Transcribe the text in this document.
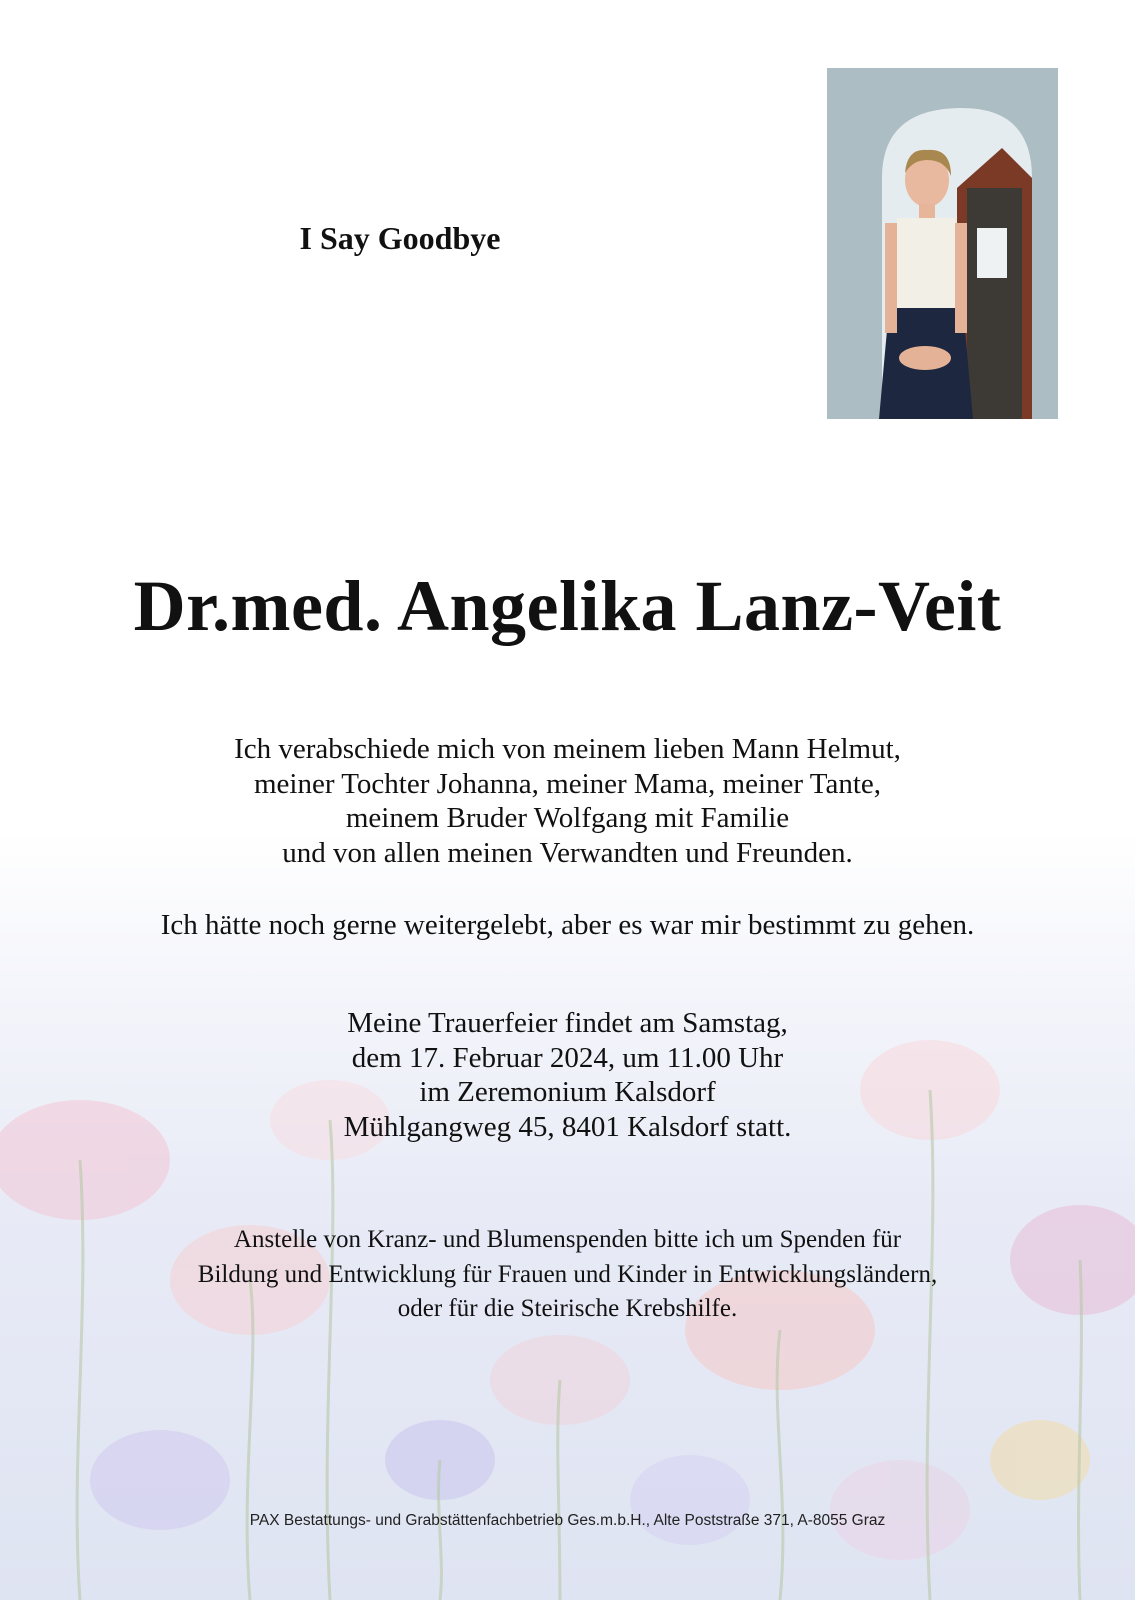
I Say Goodbye
Dr.med. Angelika Lanz-Veit
Ich verabschiede mich von meinem lieben Mann Helmut,
meiner Tochter Johanna, meiner Mama, meiner Tante,
meinem Bruder Wolfgang mit Familie
und von allen meinen Verwandten und Freunden.
Ich hätte noch gerne weitergelebt, aber es war mir bestimmt zu gehen.
Meine Trauerfeier findet am Samstag,
dem 17. Februar 2024, um 11.00 Uhr
im Zeremonium Kalsdorf
Mühlgangweg 45, 8401 Kalsdorf statt.
Anstelle von Kranz- und Blumenspenden bitte ich um Spenden für
Bildung und Entwicklung für Frauen und Kinder in Entwicklungsländern,
oder für die Steirische Krebshilfe.
PAX Bestattungs- und Grabstättenfachbetrieb Ges.m.b.H., Alte Poststraße 371, A-8055 Graz
